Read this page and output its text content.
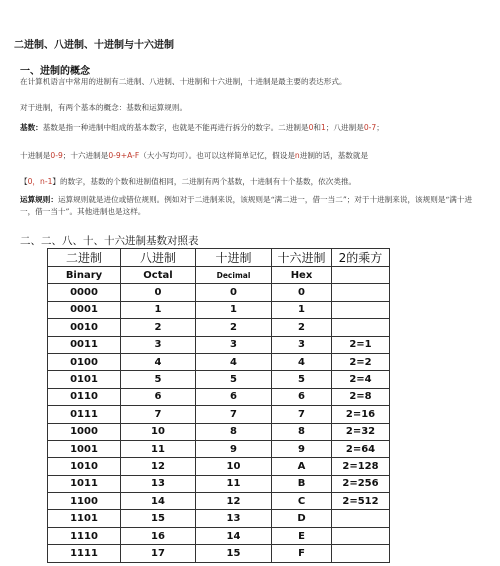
二进制、八进制、十进制与十六进制
一、进制的概念
在计算机语言中常用的进制有二进制、八进制、十进制和十六进制，十进制是最主要的表达形式。
对于进制，有两个基本的概念：基数和运算规则。
基数：基数是指一种进制中组成的基本数字，也就是不能再进行拆分的数字。二进制是0和1；八进制是0-7；
十进制是0-9；十六进制是0-9+A-F（大小写均可）。也可以这样简单记忆，假设是n进制的话，基数就是
【0，n-1】的数字，基数的个数和进制值相同，二进制有两个基数，十进制有十个基数，依次类推。
运算规则：运算规则就是进位或错位规则。例如对于二进制来说，该规则是“满二进一，借一当二”；对于十进制来说，该规则是“满十进一，借一当十”。其他进制也是这样。
二、二、八、十、十六进制基数对照表
二进制	八进制	十进制	十六进制	2的乘方
Binary	Octal	Decimal	Hex	
0000	0	0	0	
0001	1	1	1	
0010	2	2	2	
0011	3	3	3	2=1
0100	4	4	4	2=2
0101	5	5	5	2=4
0110	6	6	6	2=8
0111	7	7	7	2=16
1000	10	8	8	2=32
1001	11	9	9	2=64
1010	12	10	A	2=128
1011	13	11	B	2=256
1100	14	12	C	2=512
1101	15	13	D	
1110	16	14	E	
1111	17	15	F	
